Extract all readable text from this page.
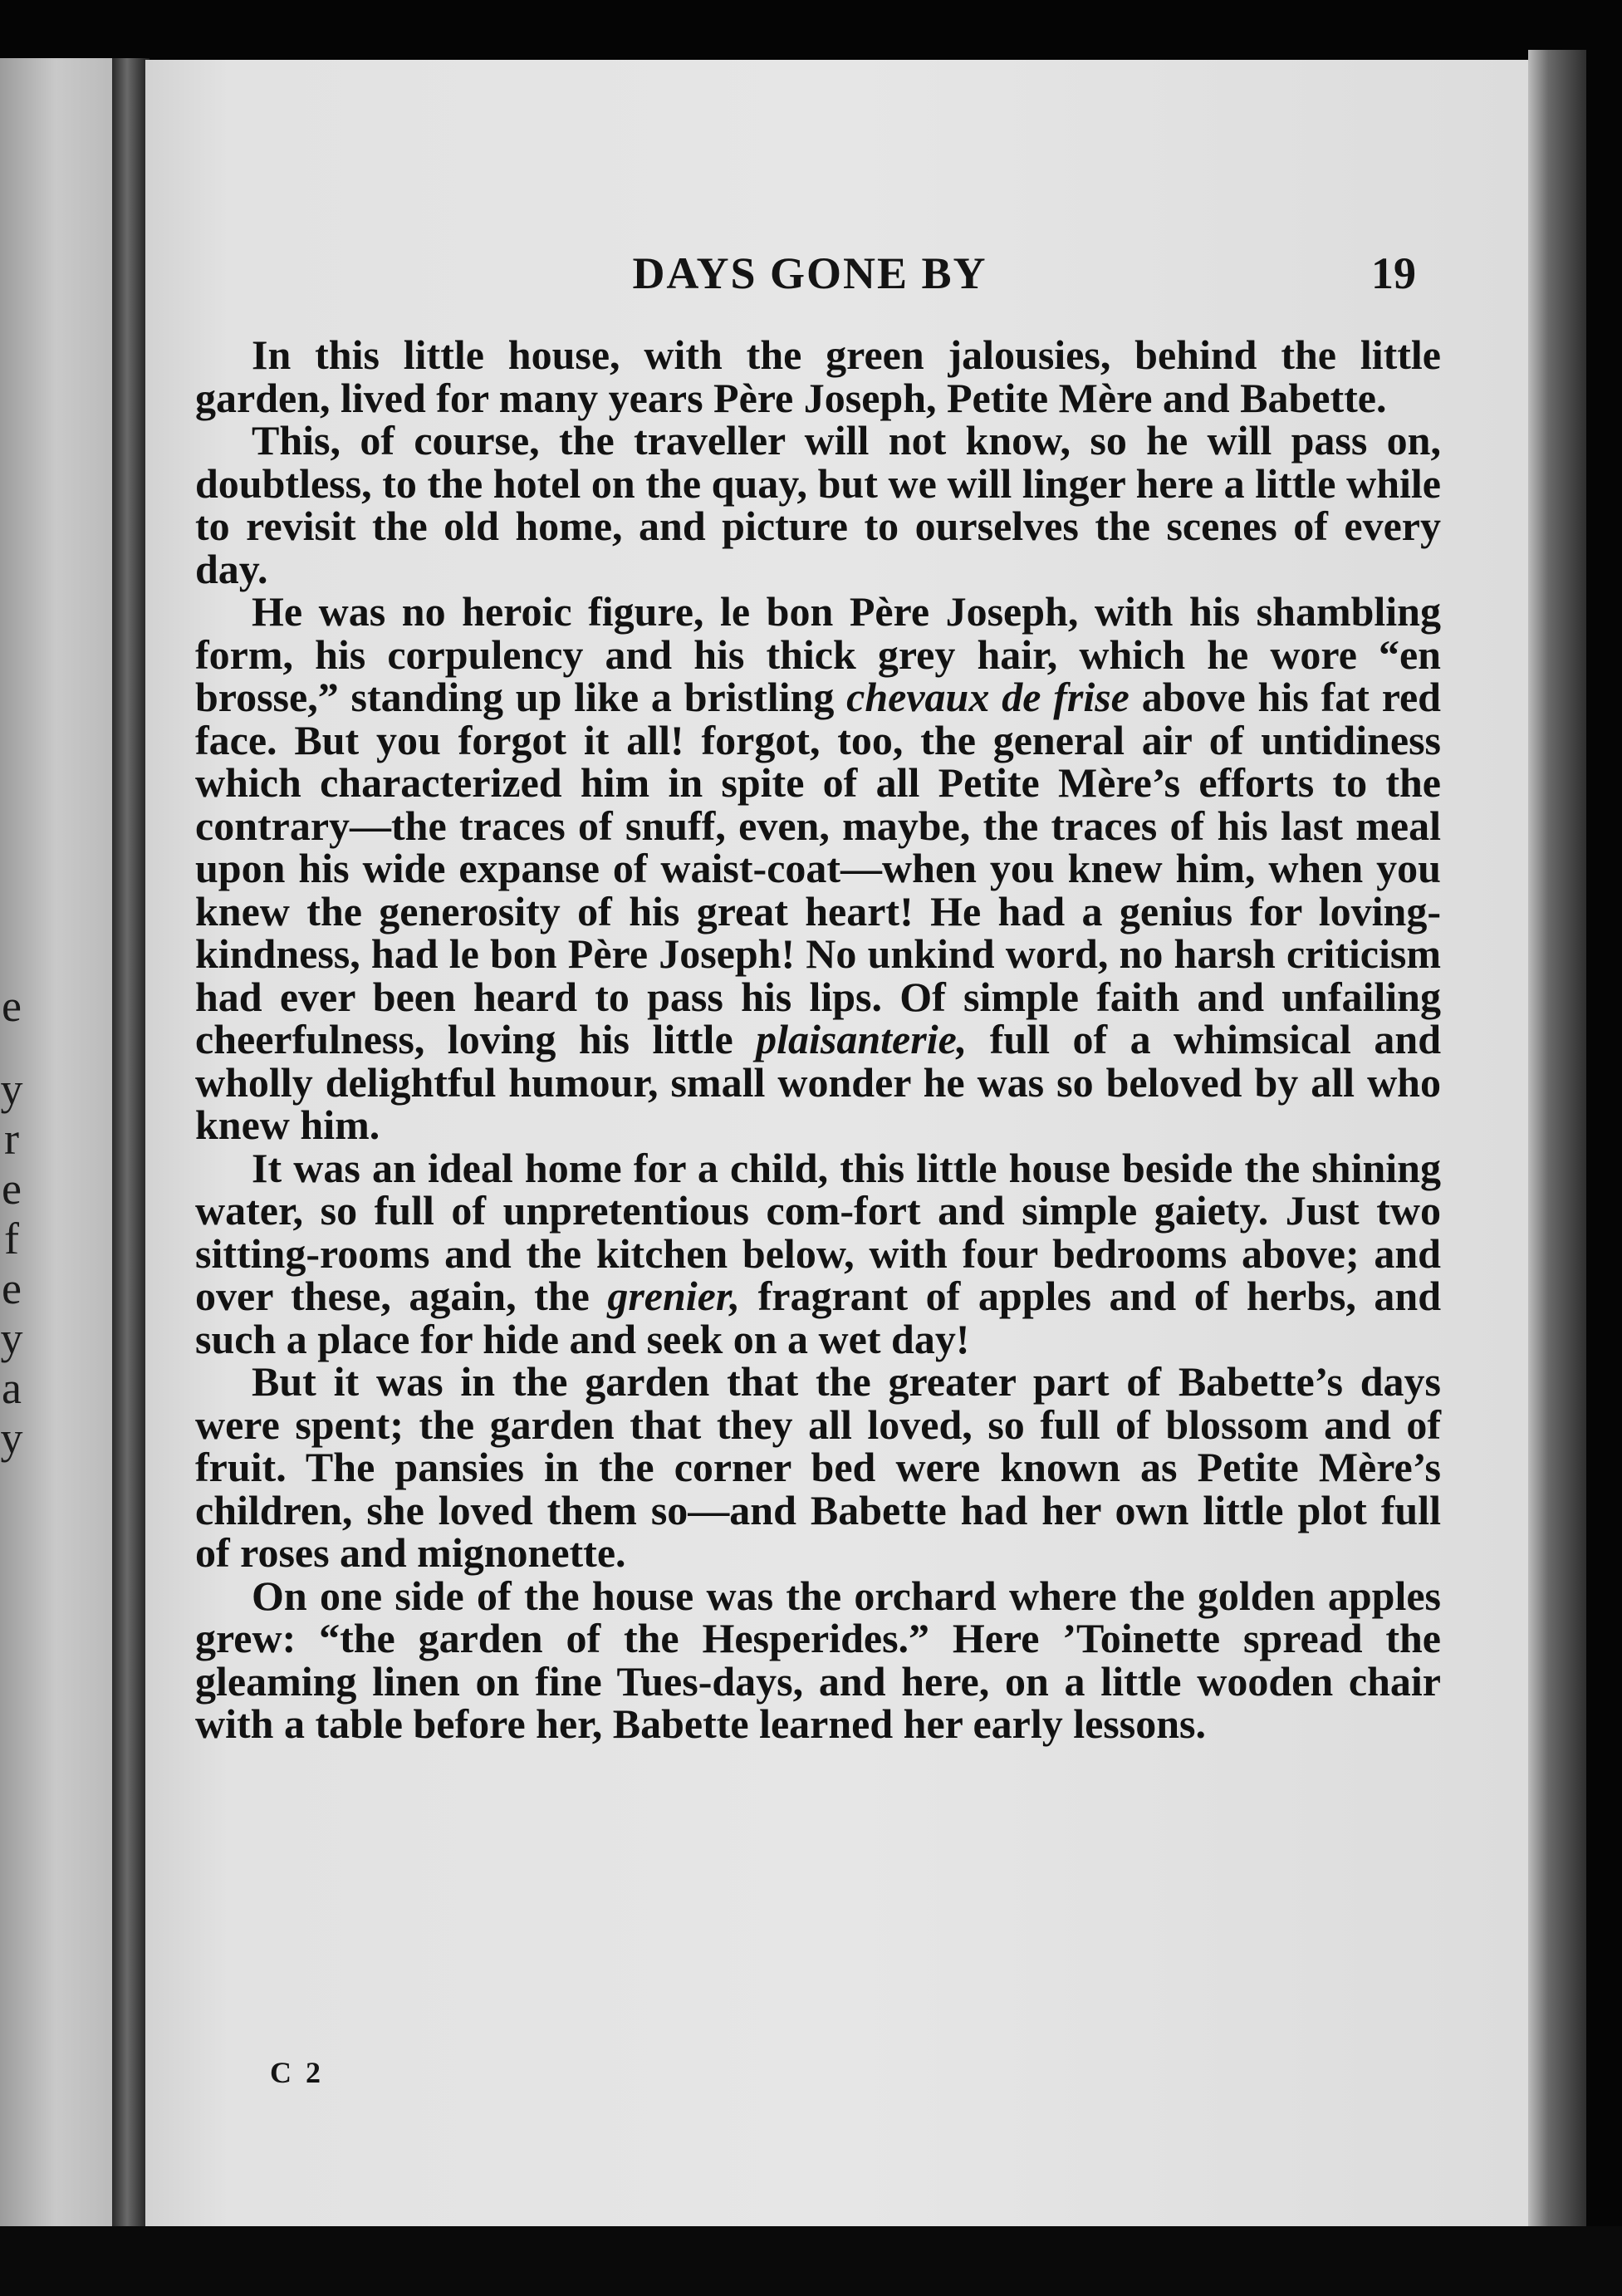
e
y
r
e
f
e
y
a
y
DAYS GONE BY	19

In this little house, with the green jalousies, behind the little garden, lived for many years Père Joseph, Petite Mère and Babette.

This, of course, the traveller will not know, so he will pass on, doubtless, to the hotel on the quay, but we will linger here a little while to revisit the old home, and picture to ourselves the scenes of every day.

He was no heroic figure, le bon Père Joseph, with his shambling form, his corpulency and his thick grey hair, which he wore “en brosse,” standing up like a bristling chevaux de frise above his fat red face. But you forgot it all! forgot, too, the general air of untidiness which characterized him in spite of all Petite Mère’s efforts to the contrary—the traces of snuff, even, maybe, the traces of his last meal upon his wide expanse of waist-coat—when you knew him, when you knew the generosity of his great heart! He had a genius for loving-kindness, had le bon Père Joseph! No unkind word, no harsh criticism had ever been heard to pass his lips. Of simple faith and unfailing cheerfulness, loving his little plaisanterie, full of a whimsical and wholly delightful humour, small wonder he was so beloved by all who knew him.

It was an ideal home for a child, this little house beside the shining water, so full of unpretentious com-fort and simple gaiety. Just two sitting-rooms and the kitchen below, with four bedrooms above; and over these, again, the grenier, fragrant of apples and of herbs, and such a place for hide and seek on a wet day!

But it was in the garden that the greater part of Babette’s days were spent; the garden that they all loved, so full of blossom and of fruit. The pansies in the corner bed were known as Petite Mère’s children, she loved them so—and Babette had her own little plot full of roses and mignonette.

On one side of the house was the orchard where the golden apples grew: “the garden of the Hesperides.” Here ’Toinette spread the gleaming linen on fine Tues-days, and here, on a little wooden chair with a table before her, Babette learned her early lessons.

C 2
